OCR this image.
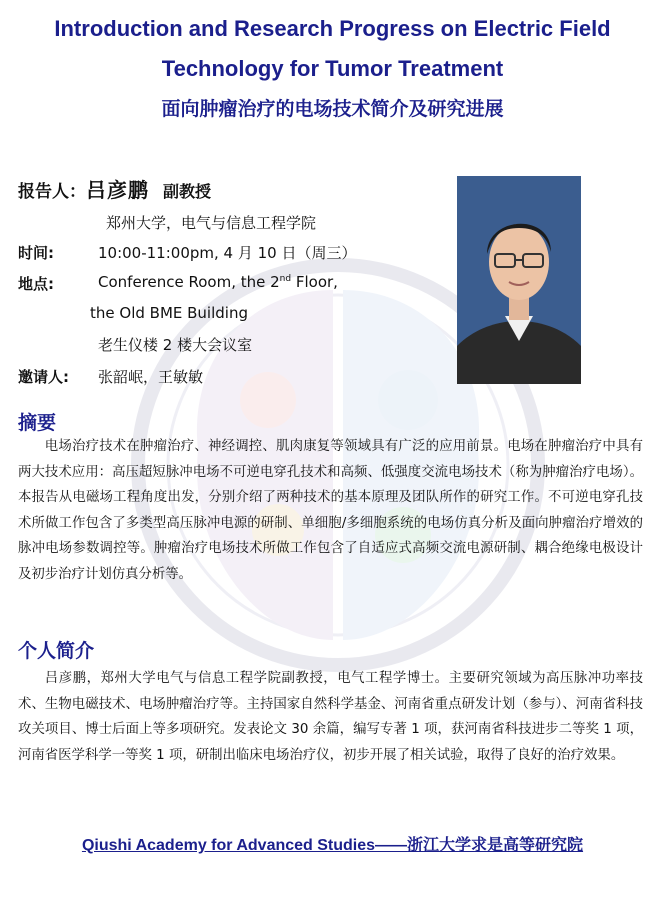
Introduction and Research Progress on Electric Field
Technology for Tumor Treatment
面向肿瘤治疗的电场技术简介及研究进展
报告人：吕彦鹏 副教授
郑州大学，电气与信息工程学院
时间:	10:00-11:00pm, 4 月 10 日（周三）
地点:	Conference Room, the 2nd Floor,
the Old BME Building
老生仪楼 2 楼大会议室
邀请人: 张韶岷，王敏敏
摘要
电场治疗技术在肿瘤治疗、神经调控、肌肉康复等领域具有广泛的应用前景。电场在肿瘤治疗中具有两大技术应用：高压超短脉冲电场不可逆电穿孔技术和高频、低强度交流电场技术（称为肿瘤治疗电场）。本报告从电磁场工程角度出发，分别介绍了两种技术的基本原理及团队所作的研究工作。不可逆电穿孔技术所做工作包含了多类型高压脉冲电源的研制、单细胞/多细胞系统的电场仿真分析及面向肿瘤治疗增效的脉冲电场参数调控等。肿瘤治疗电场技术所做工作包含了自适应式高频交流电源研制、耦合绝缘电极设计及初步治疗计划仿真分析等。
个人简介
吕彦鹏，郑州大学电气与信息工程学院副教授，电气工程学博士。主要研究领域为高压脉冲功率技术、生物电磁技术、电场肿瘤治疗等。主持国家自然科学基金、河南省重点研发计划（参与）、河南省科技攻关项目、博士后面上等多项研究。发表论文 30 余篇，编写专著 1 项，获河南省科技进步二等奖 1 项，河南省医学科学一等奖 1 项，研制出临床电场治疗仪，初步开展了相关试验，取得了良好的治疗效果。
Qiushi Academy for Advanced Studies——浙江大学求是高等研究院
